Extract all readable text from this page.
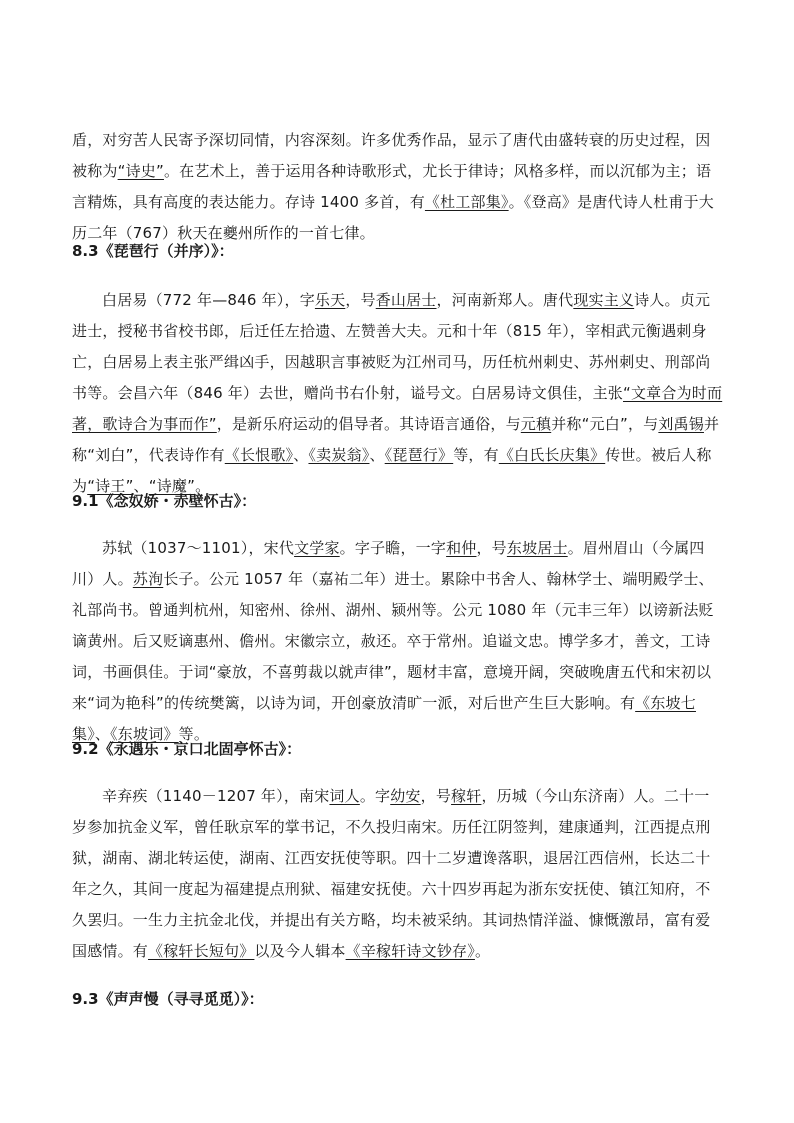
盾，对穷苦人民寄予深切同情，内容深刻。许多优秀作品，显示了唐代由盛转衰的历史过程，因被称为“诗史”。在艺术上，善于运用各种诗歌形式，尤长于律诗；风格多样，而以沉郁为主；语言精炼，具有高度的表达能力。存诗 1400 多首，有《杜工部集》。《登高》是唐代诗人杜甫于大历二年（767）秋天在夔州所作的一首七律。

8.3《琵琶行（并序）》：

白居易（772 年—846 年），字乐天，号香山居士，河南新郑人。唐代现实主义诗人。贞元进士，授秘书省校书郎，后迁任左拾遗、左赞善大夫。元和十年（815 年），宰相武元衡遇刺身亡，白居易上表主张严缉凶手，因越职言事被贬为江州司马，历任杭州刺史、苏州刺史、刑部尚书等。会昌六年（846 年）去世，赠尚书右仆射，谥号文。白居易诗文俱佳，主张“文章合为时而著，歌诗合为事而作”，是新乐府运动的倡导者。其诗语言通俗，与元稹并称“元白”，与刘禹锡并称“刘白”，代表诗作有《长恨歌》、《卖炭翁》、《琵琶行》等，有《白氏长庆集》传世。被后人称为“诗王”、“诗魔”。

9.1《念奴娇・赤壁怀古》：

苏轼（1037～1101），宋代文学家。字子瞻，一字和仲，号东坡居士。眉州眉山（今属四川）人。苏洵长子。公元 1057 年（嘉祐二年）进士。累除中书舍人、翰林学士、端明殿学士、礼部尚书。曾通判杭州，知密州、徐州、湖州、颍州等。公元 1080 年（元丰三年）以谤新法贬谪黄州。后又贬谪惠州、儋州。宋徽宗立，赦还。卒于常州。追谥文忠。博学多才，善文，工诗词，书画俱佳。于词“豪放，不喜剪裁以就声律”，题材丰富，意境开阔，突破晚唐五代和宋初以来“词为艳科”的传统樊篱，以诗为词，开创豪放清旷一派，对后世产生巨大影响。有《东坡七集》、《东坡词》等。

9.2《永遇乐・京口北固亭怀古》：

辛弃疾（1140－1207 年），南宋词人。字幼安，号稼轩，历城（今山东济南）人。二十一岁参加抗金义军，曾任耿京军的掌书记，不久投归南宋。历任江阴签判，建康通判，江西提点刑狱，湖南、湖北转运使，湖南、江西安抚使等职。四十二岁遭谗落职，退居江西信州，长达二十年之久，其间一度起为福建提点刑狱、福建安抚使。六十四岁再起为浙东安抚使、镇江知府，不久罢归。一生力主抗金北伐，并提出有关方略，均未被采纳。其词热情洋溢、慷慨激昂，富有爱国感情。有《稼轩长短句》以及今人辑本《辛稼轩诗文钞存》。

9.3《声声慢（寻寻觅觅）》：
